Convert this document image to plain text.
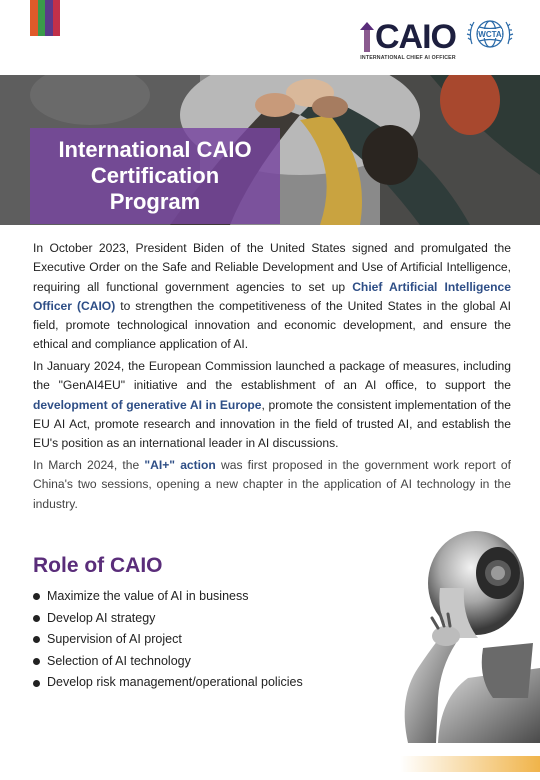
CAIO
INTERNATIONAL CHIEF AI OFFICER
WCTA
International CAIO
Certification
Program
In October 2023, President Biden of the United States signed and promulgated the Executive Order on the Safe and Reliable Development and Use of Artificial Intelligence, requiring all functional government agencies to set up Chief Artificial Intelligence Officer (CAIO) to strengthen the competitiveness of the United States in the global AI field, promote technological innovation and economic development, and ensure the ethical and compliance application of AI.
In January 2024, the European Commission launched a package of measures, including the "GenAI4EU" initiative and the establishment of an AI office, to support the development of generative AI in Europe, promote the consistent implementation of the EU AI Act, promote research and innovation in the field of trusted AI, and establish the EU's position as an international leader in AI discussions.
In March 2024, the "AI+" action was first proposed in the government work report of China's two sessions, opening a new chapter in the application of AI technology in the industry.
Role of CAIO
Maximize the value of AI in business
Develop AI strategy
Supervision of AI project
Selection of AI technology
Develop risk management/operational policies
